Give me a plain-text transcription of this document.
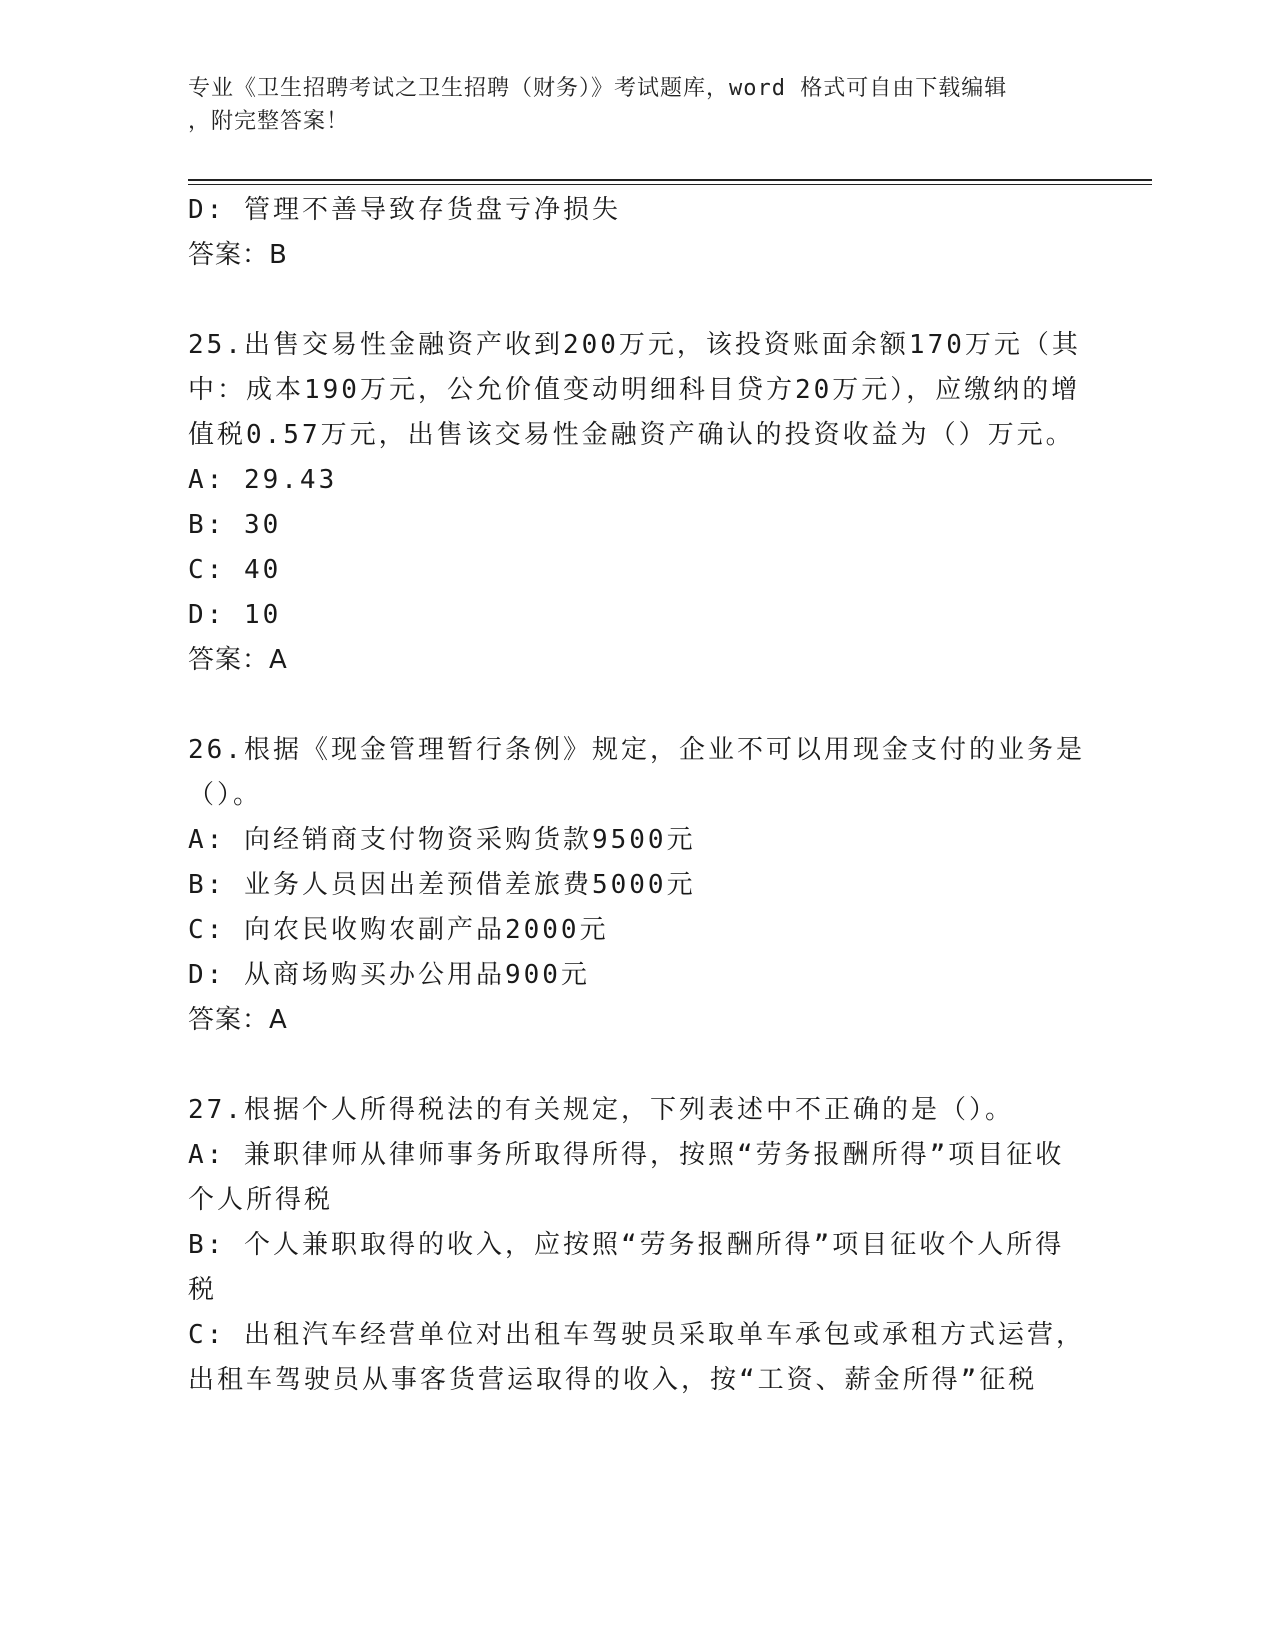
专业《卫生招聘考试之卫生招聘（财务）》考试题库，word 格式可自由下载编辑
，附完整答案！

D: 管理不善导致存货盘亏净损失

答案：B

25.出售交易性金融资产收到200万元，该投资账面余额170万元（其中：成本190万元，公允价值变动明细科目贷方20万元），应缴纳的增值税0.57万元，出售该交易性金融资产确认的投资收益为（）万元。

A: 29.43

B: 30

C: 40

D: 10

答案：A

26.根据《现金管理暂行条例》规定，企业不可以用现金支付的业务是（）。

A: 向经销商支付物资采购货款9500元

B: 业务人员因出差预借差旅费5000元

C: 向农民收购农副产品2000元

D: 从商场购买办公用品900元

答案：A

27.根据个人所得税法的有关规定，下列表述中不正确的是（）。

A: 兼职律师从律师事务所取得所得，按照“劳务报酬所得”项目征收个人所得税

B: 个人兼职取得的收入，应按照“劳务报酬所得”项目征收个人所得税

C: 出租汽车经营单位对出租车驾驶员采取单车承包或承租方式运营，出租车驾驶员从事客货营运取得的收入，按“工资、薪金所得”征税
